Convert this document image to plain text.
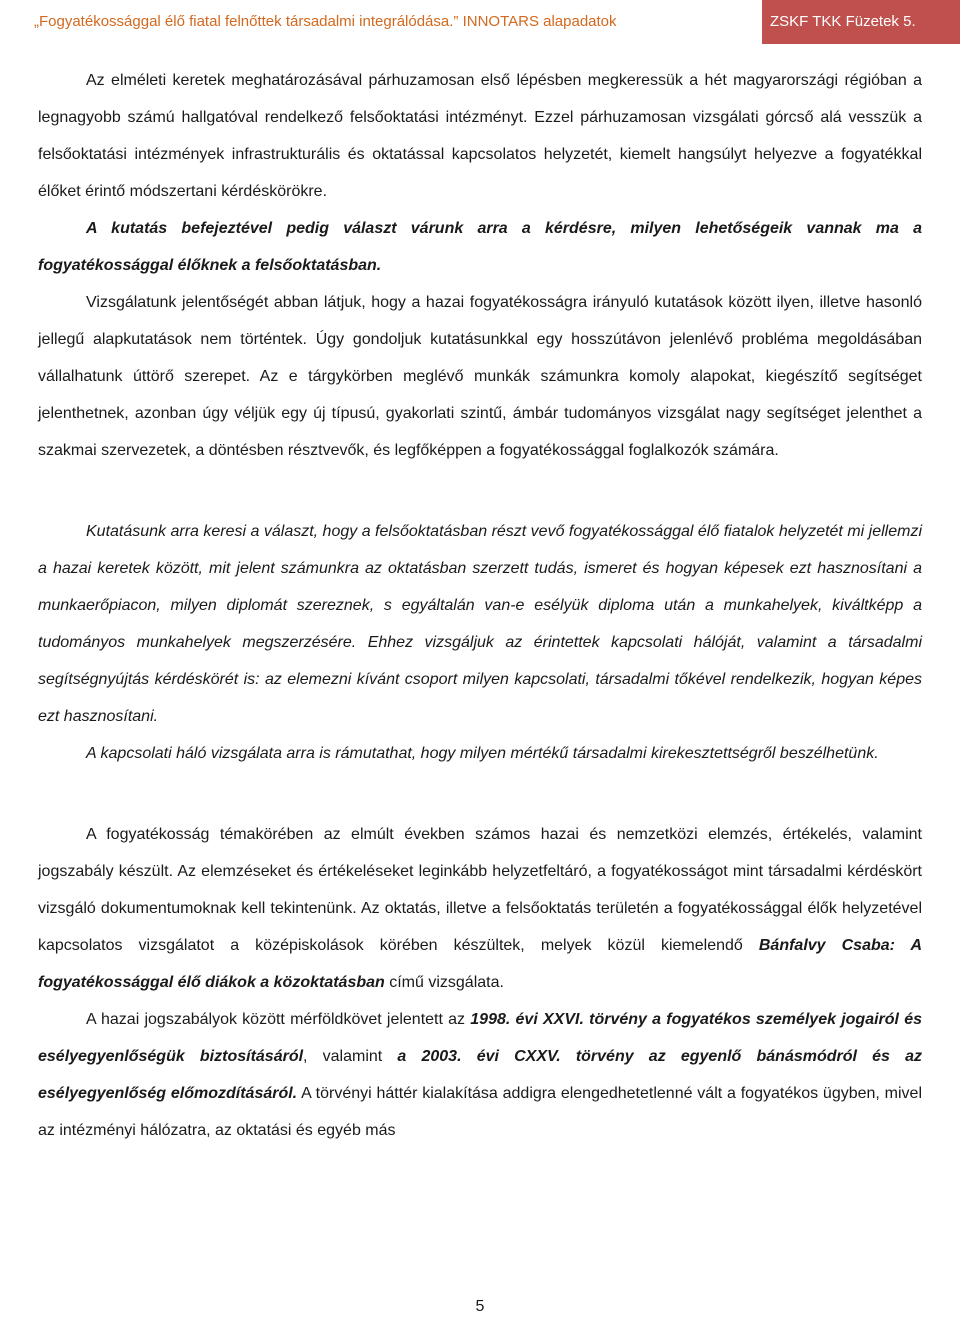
„Fogyatékossággal élő fiatal felnőttek társadalmi integrálódása.” INNOTARS alapadatok	ZSKF TKK Füzetek 5.

Az elméleti keretek meghatározásával párhuzamosan első lépésben megkeressük a hét magyarországi régióban a legnagyobb számú hallgatóval rendelkező felsőoktatási intézményt. Ezzel párhuzamosan vizsgálati górcső alá vesszük a felsőoktatási intézmények infrastrukturális és oktatással kapcsolatos helyzetét, kiemelt hangsúlyt helyezve a fogyatékkal élőket érintő módszertani kérdéskörökre.

A kutatás befejeztével pedig választ várunk arra a kérdésre, milyen lehetőségeik vannak ma a fogyatékossággal élőknek a felsőoktatásban.

Vizsgálatunk jelentőségét abban látjuk, hogy a hazai fogyatékosságra irányuló kutatások között ilyen, illetve hasonló jellegű alapkutatások nem történtek. Úgy gondoljuk kutatásunkkal egy hosszútávon jelenlévő probléma megoldásában vállalhatunk úttörő szerepet. Az e tárgykörben meglévő munkák számunkra komoly alapokat, kiegészítő segítséget jelenthetnek, azonban úgy véljük egy új típusú, gyakorlati szintű, ámbár tudományos vizsgálat nagy segítséget jelenthet a szakmai szervezetek, a döntésben résztvevők, és legfőképpen a fogyatékossággal foglalkozók számára.

Kutatásunk arra keresi a választ, hogy a felsőoktatásban részt vevő fogyatékossággal élő fiatalok helyzetét mi jellemzi a hazai keretek között, mit jelent számunkra az oktatásban szerzett tudás, ismeret és hogyan képesek ezt hasznosítani a munkaerőpiacon, milyen diplomát szereznek, s egyáltalán van-e esélyük diploma után a munkahelyek, kiváltképp a tudományos munkahelyek megszerzésére. Ehhez vizsgáljuk az érintettek kapcsolati hálóját, valamint a társadalmi segítségnyújtás kérdéskörét is: az elemezni kívánt csoport milyen kapcsolati, társadalmi tőkével rendelkezik, hogyan képes ezt hasznosítani.

A kapcsolati háló vizsgálata arra is rámutathat, hogy milyen mértékű társadalmi kirekesztettségről beszélhetünk.

A fogyatékosság témakörében az elmúlt években számos hazai és nemzetközi elemzés, értékelés, valamint jogszabály készült. Az elemzéseket és értékeléseket leginkább helyzetfeltáró, a fogyatékosságot mint társadalmi kérdéskört vizsgáló dokumentumoknak kell tekintenünk. Az oktatás, illetve a felsőoktatás területén a fogyatékossággal élők helyzetével kapcsolatos vizsgálatot a középiskolások körében készültek, melyek közül kiemelendő Bánfalvy Csaba: A fogyatékossággal élő diákok a közoktatásban című vizsgálata.

A hazai jogszabályok között mérföldkövet jelentett az 1998. évi XXVI. törvény a fogyatékos személyek jogairól és esélyegyenlőségük biztosításáról, valamint a 2003. évi CXXV. törvény az egyenlő bánásmódról és az esélyegyenlőség előmozdításáról. A törvényi háttér kialakítása addigra elengedhetetlenné vált a fogyatékos ügyben, mivel az intézményi hálózatra, az oktatási és egyéb más

5
